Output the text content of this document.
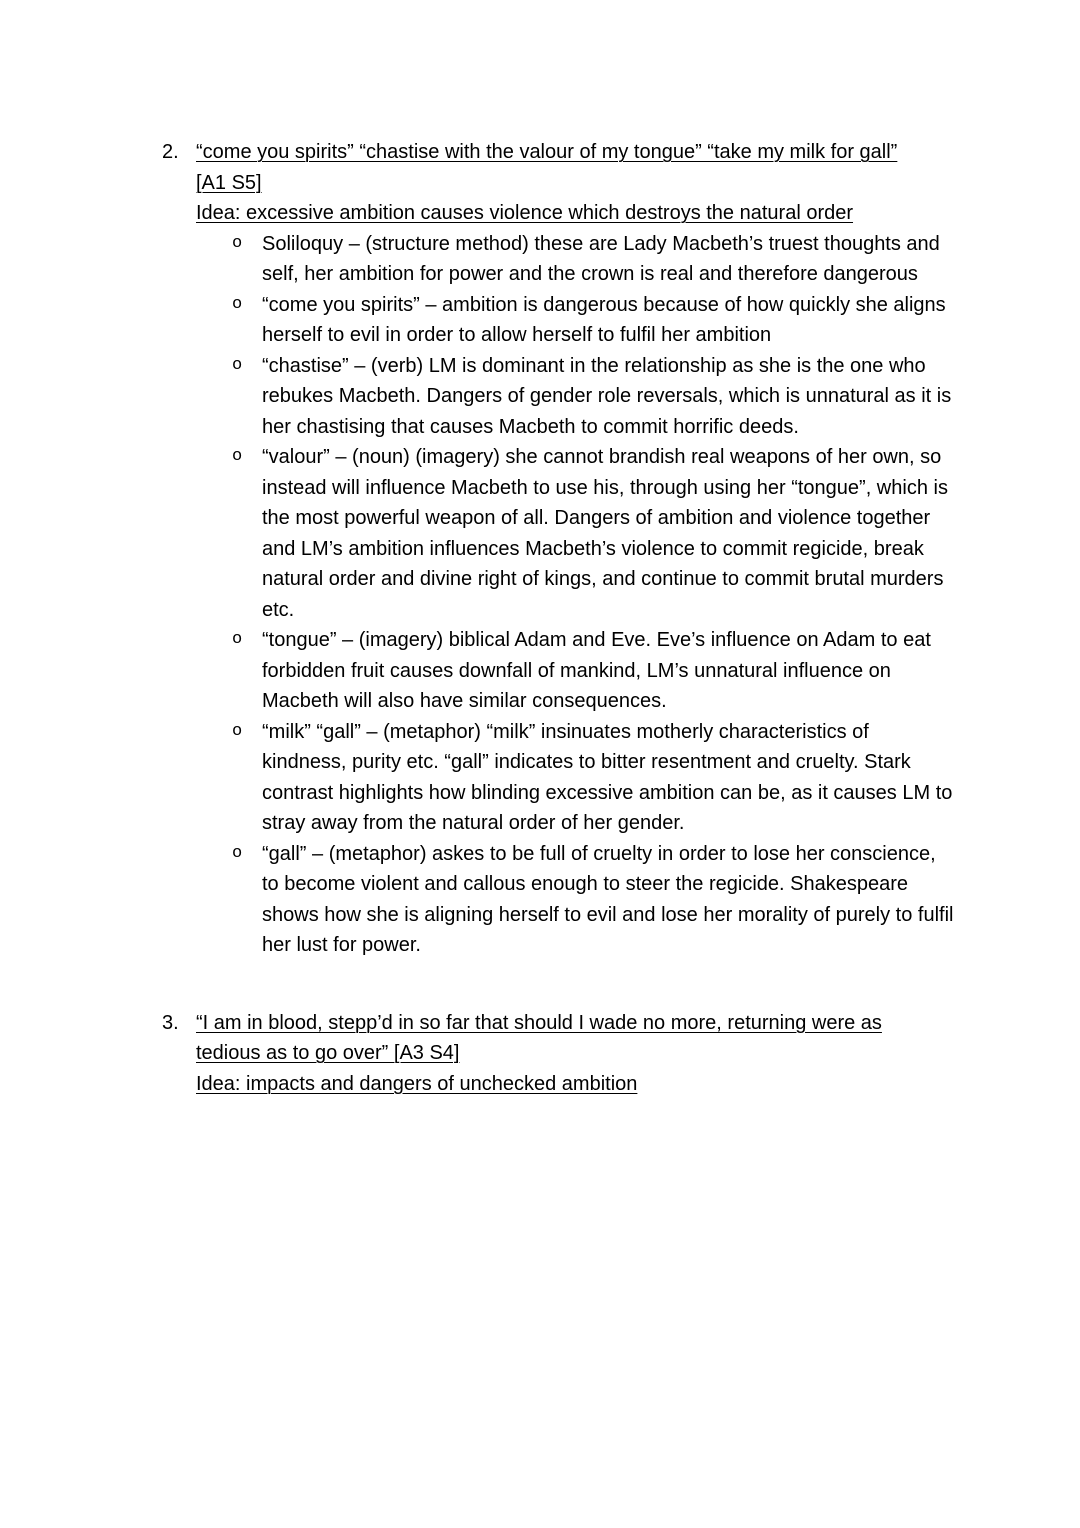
2. “come you spirits” “chastise with the valour of my tongue” “take my milk for gall” [A1 S5]
Idea: excessive ambition causes violence which destroys the natural order
o Soliloquy – (structure method) these are Lady Macbeth’s truest thoughts and self, her ambition for power and the crown is real and therefore dangerous
o “come you spirits” – ambition is dangerous because of how quickly she aligns herself to evil in order to allow herself to fulfil her ambition
o “chastise” – (verb) LM is dominant in the relationship as she is the one who rebukes Macbeth. Dangers of gender role reversals, which is unnatural as it is her chastising that causes Macbeth to commit horrific deeds.
o “valour” – (noun) (imagery) she cannot brandish real weapons of her own, so instead will influence Macbeth to use his, through using her “tongue”, which is the most powerful weapon of all. Dangers of ambition and violence together and LM’s ambition influences Macbeth’s violence to commit regicide, break natural order and divine right of kings, and continue to commit brutal murders etc.
o “tongue” – (imagery) biblical Adam and Eve. Eve’s influence on Adam to eat forbidden fruit causes downfall of mankind, LM’s unnatural influence on Macbeth will also have similar consequences.
o “milk” “gall” – (metaphor) “milk” insinuates motherly characteristics of kindness, purity etc. “gall” indicates to bitter resentment and cruelty. Stark contrast highlights how blinding excessive ambition can be, as it causes LM to stray away from the natural order of her gender.
o “gall” – (metaphor) askes to be full of cruelty in order to lose her conscience, to become violent and callous enough to steer the regicide. Shakespeare shows how she is aligning herself to evil and lose her morality of purely to fulfil her lust for power.
3. “I am in blood, stepp’d in so far that should I wade no more, returning were as tedious as to go over” [A3 S4]
Idea: impacts and dangers of unchecked ambition
